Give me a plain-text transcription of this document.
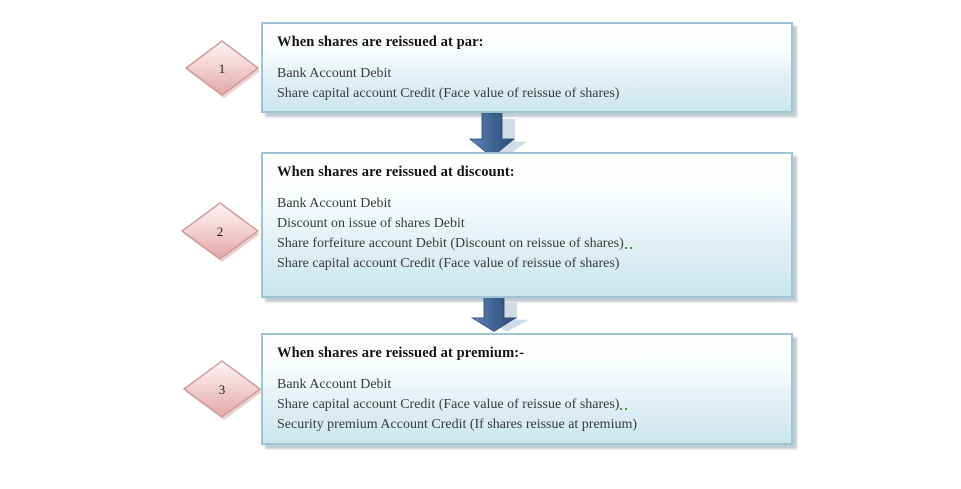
1
When shares are reissued at par:
Bank Account Debit
Share capital account Credit (Face value of reissue of shares)
2
When shares are reissued at discount:
Bank Account Debit
Discount on issue of shares Debit
Share forfeiture account Debit (Discount on reissue of shares)
Share capital account Credit (Face value of reissue of shares)
3
When shares are reissued at premium:-
Bank Account Debit
Share capital account Credit (Face value of reissue of shares)
Security premium Account Credit (If shares reissue at premium)
